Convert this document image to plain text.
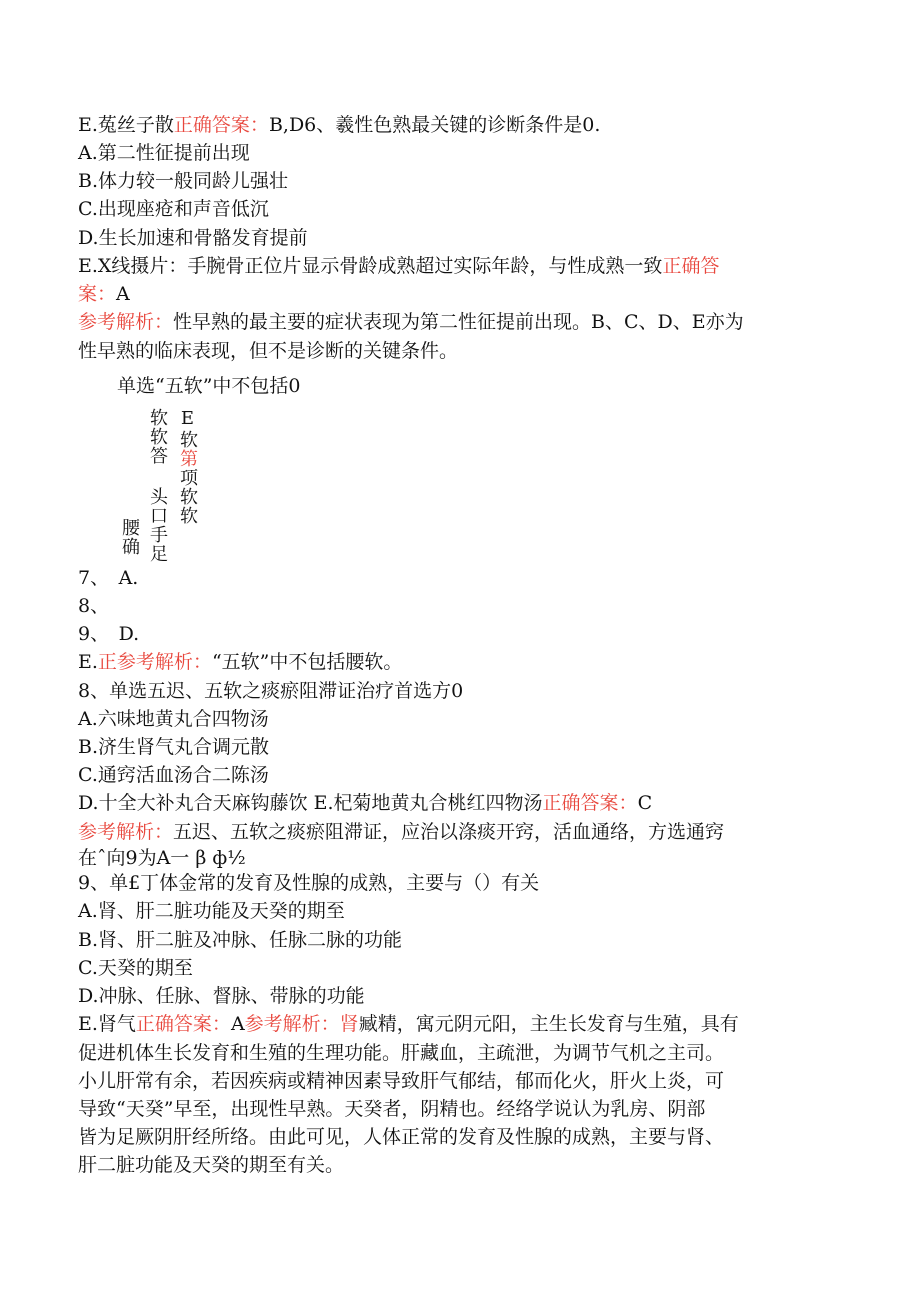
E.菟丝子散正确答案：B,D6、羲性色熟最关键的诊断条件是0.
A.第二性征提前出现
B.体力较一般同龄儿强壮
C.出现座疮和声音低沉
D.生长加速和骨骼发育提前
E.X线摄片：手腕骨正位片显示骨龄成熟超过实际年龄，与性成熟一致正确答
案：A
参考解析：性早熟的最主要的症状表现为第二性征提前出现。B、C、D、E亦为
性早熟的临床表现，但不是诊断的关键条件。
单选“五软”中不包括0
腰确 软软答 头口手足 E软第项软软
7、　A.
8、
9、　D.
E.正参考解析：“五软”中不包括腰软。
8、单选五迟、五软之痰瘀阻滞证治疗首选方0
A.六味地黄丸合四物汤
B.济生肾气丸合调元散
C.通窍活血汤合二陈汤
D.十全大补丸合天麻钩藤饮 E.杞菊地黄丸合桃红四物汤正确答案：C
参考解析：五迟、五软之痰瘀阻滞证，应治以涤痰开窍，活血通络，方选通窍
在ˆ向9为A一 β ф½
9、单£丁体金常的发育及性腺的成熟，主要与（）有关
A.肾、肝二脏功能及天癸的期至
B.肾、肝二脏及冲脉、任脉二脉的功能
C.天癸的期至
D.冲脉、任脉、督脉、带脉的功能
E.肾气正确答案：A参考解析：肾臧精，寓元阴元阳，主生长发育与生殖，具有
促进机体生长发育和生殖的生理功能。肝藏血，主疏泄，为调节气机之主司。
小儿肝常有余，若因疾病或精神因素导致肝气郁结，郁而化火，肝火上炎，可
导致“天癸”早至，出现性早熟。天癸者，阴精也。经络学说认为乳房、阴部
皆为足厥阴肝经所络。由此可见，人体正常的发育及性腺的成熟，主要与肾、
肝二脏功能及天癸的期至有关。
